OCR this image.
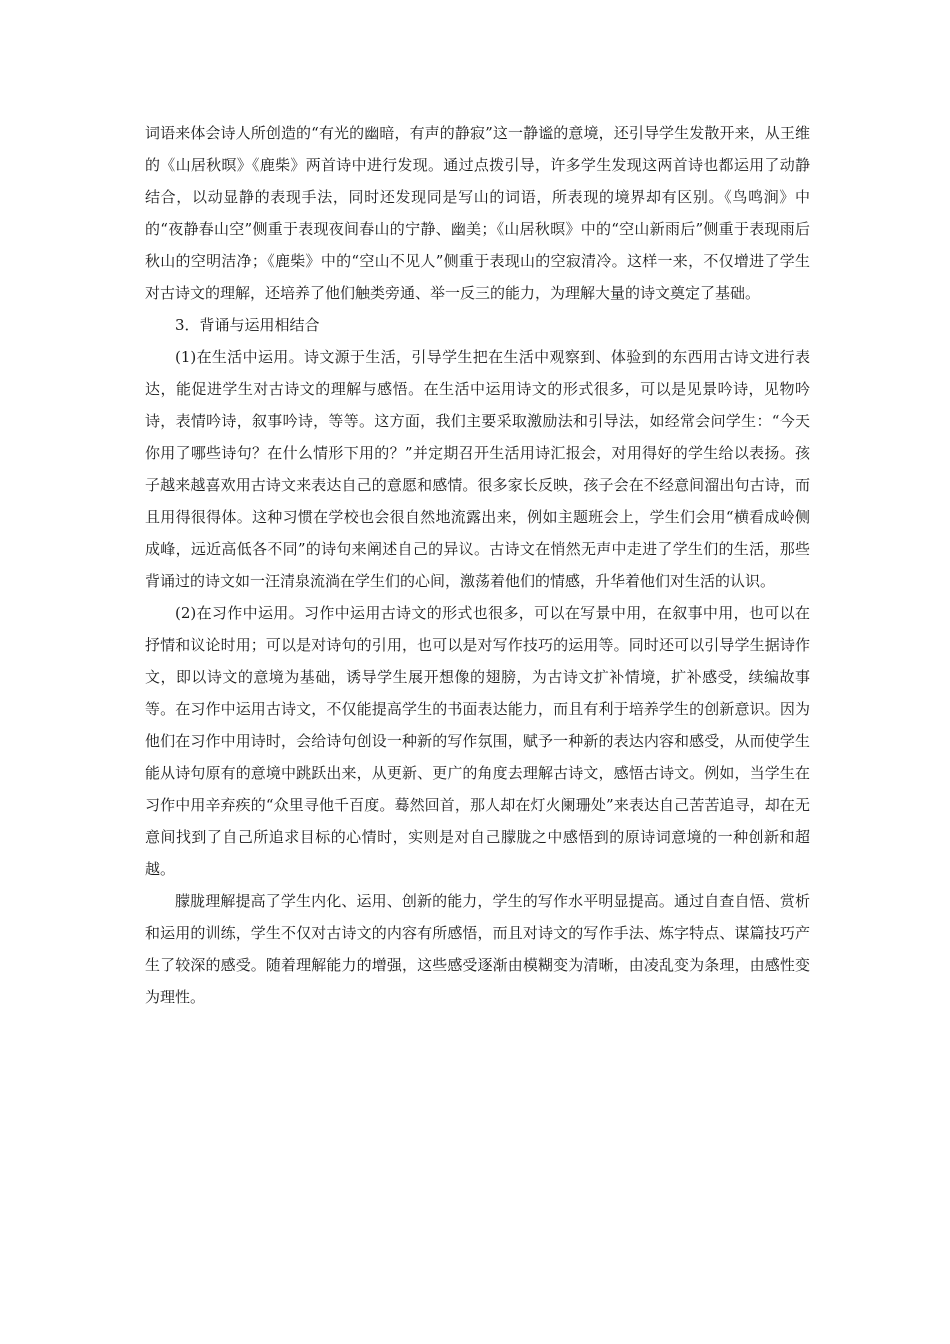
词语来体会诗人所创造的“有光的幽暗，有声的静寂”这一静谧的意境，还引导学生发散开来，从王维的《山居秋暝》《鹿柴》两首诗中进行发现。通过点拨引导，许多学生发现这两首诗也都运用了动静结合，以动显静的表现手法，同时还发现同是写山的词语，所表现的境界却有区别。《鸟鸣涧》中的“夜静春山空”侧重于表现夜间春山的宁静、幽美；《山居秋暝》中的“空山新雨后”侧重于表现雨后秋山的空明洁净；《鹿柴》中的“空山不见人”侧重于表现山的空寂清冷。这样一来，不仅增进了学生对古诗文的理解，还培养了他们触类旁通、举一反三的能力，为理解大量的诗文奠定了基础。

3．背诵与运用相结合

(1)在生活中运用。诗文源于生活，引导学生把在生活中观察到、体验到的东西用古诗文进行表达，能促进学生对古诗文的理解与感悟。在生活中运用诗文的形式很多，可以是见景吟诗，见物吟诗，表情吟诗，叙事吟诗，等等。这方面，我们主要采取激励法和引导法，如经常会问学生：“今天你用了哪些诗句？在什么情形下用的？”并定期召开生活用诗汇报会，对用得好的学生给以表扬。孩子越来越喜欢用古诗文来表达自己的意愿和感情。很多家长反映，孩子会在不经意间溜出句古诗，而且用得很得体。这种习惯在学校也会很自然地流露出来，例如主题班会上，学生们会用“横看成岭侧成峰，远近高低各不同”的诗句来阐述自己的异议。古诗文在悄然无声中走进了学生们的生活，那些背诵过的诗文如一汪清泉流淌在学生们的心间，激荡着他们的情感，升华着他们对生活的认识。

(2)在习作中运用。习作中运用古诗文的形式也很多，可以在写景中用，在叙事中用，也可以在抒情和议论时用；可以是对诗句的引用，也可以是对写作技巧的运用等。同时还可以引导学生据诗作文，即以诗文的意境为基础，诱导学生展开想像的翅膀，为古诗文扩补情境，扩补感受，续编故事等。在习作中运用古诗文，不仅能提高学生的书面表达能力，而且有利于培养学生的创新意识。因为他们在习作中用诗时，会给诗句创设一种新的写作氛围，赋予一种新的表达内容和感受，从而使学生能从诗句原有的意境中跳跃出来，从更新、更广的角度去理解古诗文，感悟古诗文。例如，当学生在习作中用辛弃疾的“众里寻他千百度。蓦然回首，那人却在灯火阑珊处”来表达自己苦苦追寻，却在无意间找到了自己所追求目标的心情时，实则是对自己朦胧之中感悟到的原诗词意境的一种创新和超越。

朦胧理解提高了学生内化、运用、创新的能力，学生的写作水平明显提高。通过自查自悟、赏析和运用的训练，学生不仅对古诗文的内容有所感悟，而且对诗文的写作手法、炼字特点、谋篇技巧产生了较深的感受。随着理解能力的增强，这些感受逐渐由模糊变为清晰，由凌乱变为条理，由感性变为理性。
